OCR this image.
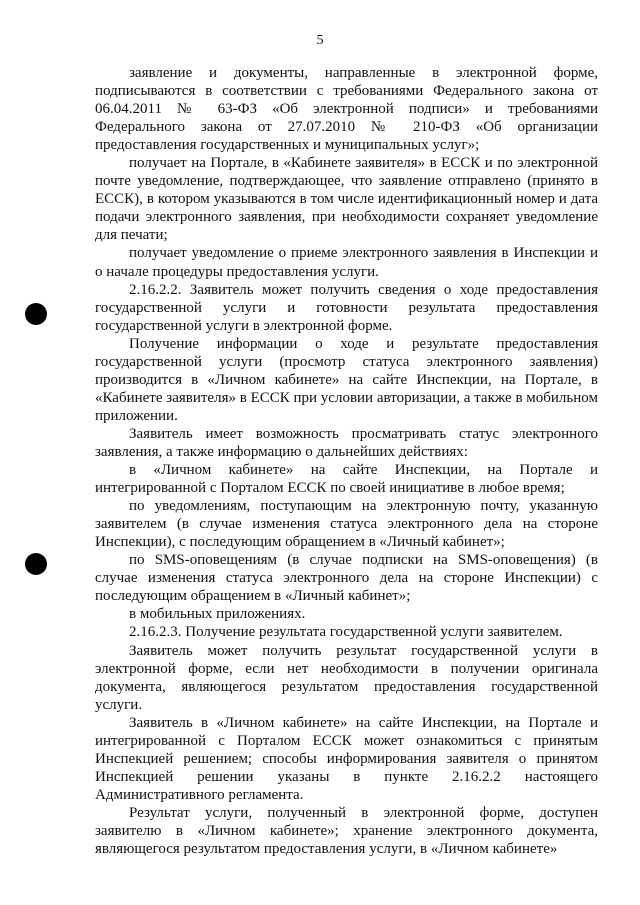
5

заявление и документы, направленные в электронной форме, подписываются в соответствии с требованиями Федерального закона от 06.04.2011 № 63-ФЗ «Об электронной подписи» и требованиями Федерального закона от 27.07.2010 № 210-ФЗ «Об организации предоставления государственных и муниципальных услуг»;

получает на Портале, в «Кабинете заявителя» в ЕССК и по электронной почте уведомление, подтверждающее, что заявление отправлено (принято в ЕССК), в котором указываются в том числе идентификационный номер и дата подачи электронного заявления, при необходимости сохраняет уведомление для печати;

получает уведомление о приеме электронного заявления в Инспекции и о начале процедуры предоставления услуги.

2.16.2.2. Заявитель может получить сведения о ходе предоставления государственной услуги и готовности результата предоставления государственной услуги в электронной форме.

Получение информации о ходе и результате предоставления государственной услуги (просмотр статуса электронного заявления) производится в «Личном кабинете» на сайте Инспекции, на Портале, в «Кабинете заявителя» в ЕССК при условии авторизации, а также в мобильном приложении.

Заявитель имеет возможность просматривать статус электронного заявления, а также информацию о дальнейших действиях:

в «Личном кабинете» на сайте Инспекции, на Портале и интегрированной с Порталом ЕССК по своей инициативе в любое время;

по уведомлениям, поступающим на электронную почту, указанную заявителем (в случае изменения статуса электронного дела на стороне Инспекции), с последующим обращением в «Личный кабинет»;

по SMS-оповещениям (в случае подписки на SMS-оповещения) (в случае изменения статуса электронного дела на стороне Инспекции) с последующим обращением в «Личный кабинет»;

в мобильных приложениях.

2.16.2.3. Получение результата государственной услуги заявителем.

Заявитель может получить результат государственной услуги в электронной форме, если нет необходимости в получении оригинала документа, являющегося результатом предоставления государственной услуги.

Заявитель в «Личном кабинете» на сайте Инспекции, на Портале и интегрированной с Порталом ЕССК может ознакомиться с принятым Инспекцией решением; способы информирования заявителя о принятом Инспекцией решении указаны в пункте 2.16.2.2 настоящего Административного регламента.

Результат услуги, полученный в электронной форме, доступен заявителю в «Личном кабинете»; хранение электронного документа, являющегося результатом предоставления услуги, в «Личном кабинете»
